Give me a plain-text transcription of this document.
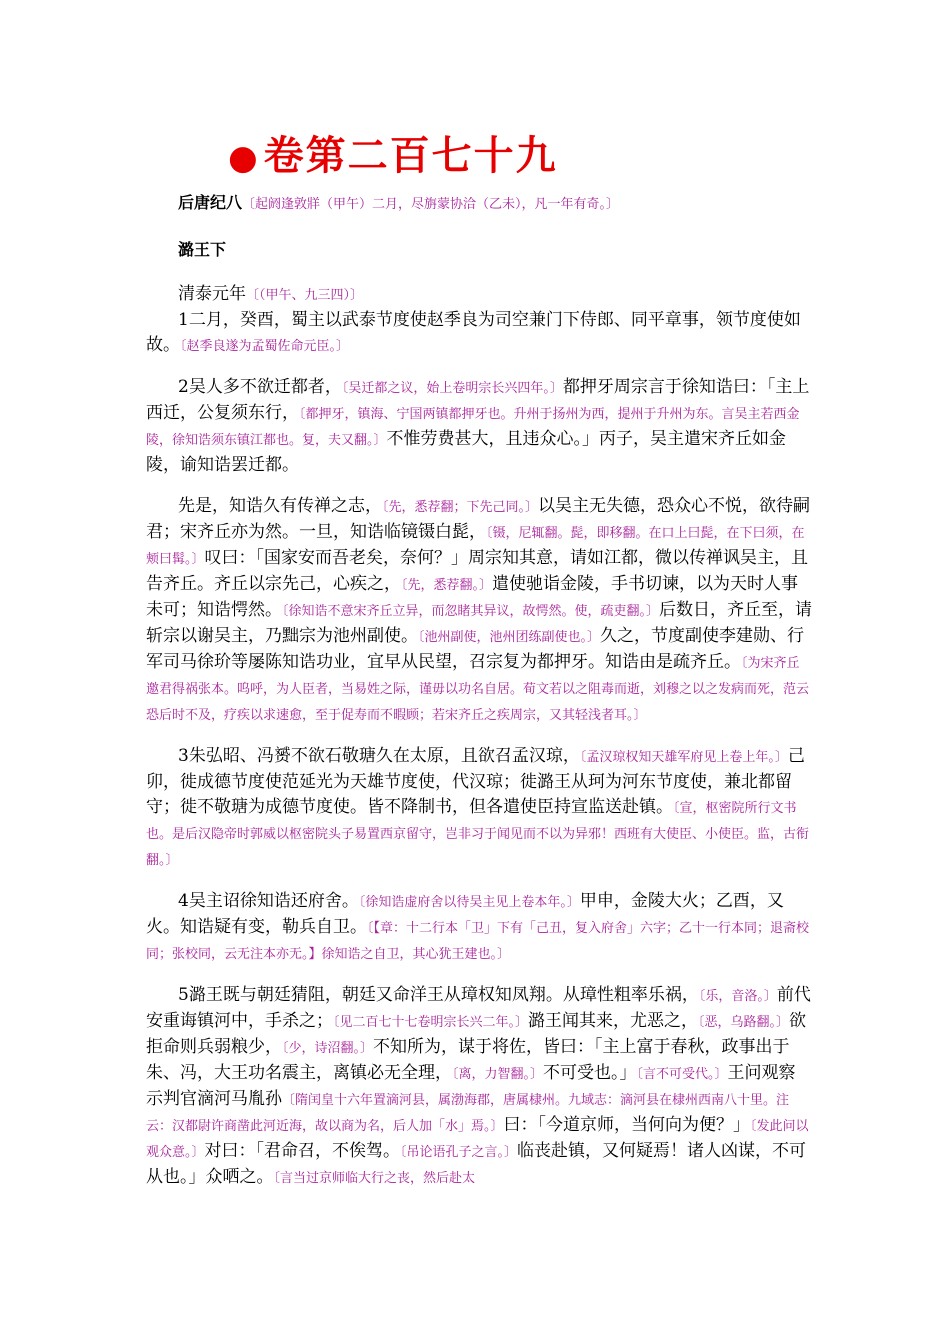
● 卷第二百七十九

后唐纪八〔起阏逢敦牂（甲午）二月，尽旃蒙协洽（乙未），凡一年有奇。〕

潞王下

清泰元年〔（甲午、九三四）〕

1二月，癸酉，蜀主以武泰节度使赵季良为司空兼门下侍郎、同平章事，领节度使如故。〔赵季良遂为孟蜀佐命元臣。〕

2吴人多不欲迁都者，〔吴迁都之议，始上卷明宗长兴四年。〕都押牙周宗言于徐知诰曰：「主上西迁，公复须东行，〔都押牙，镇海、宁国两镇都押牙也。升州于扬州为西，提州于升州为东。言吴主若西金陵，徐知诰须东镇江都也。复，夫又翻。〕不惟劳费甚大，且违众心。」丙子，吴主遣宋齐丘如金陵，谕知诰罢迁都。

先是，知诰久有传禅之志，〔先，悉荐翻；下先己同。〕以吴主无失德，恐众心不悦，欲待嗣君；宋齐丘亦为然。一旦，知诰临镜镊白髭，〔镊，尼辄翻。髭，即移翻。在口上曰髭，在下曰须，在颊曰髯。〕叹曰：「国家安而吾老矣，奈何？」周宗知其意，请如江都，微以传禅讽吴主，且告齐丘。齐丘以宗先己，心疾之，〔先，悉荐翻。〕遣使驰诣金陵，手书切谏，以为天时人事未可；知诰愕然。〔徐知诰不意宋齐丘立异，而忽睹其异议，故愕然。使，疏吏翻。〕后数日，齐丘至，请斩宗以谢吴主，乃黜宗为池州副使。〔池州副使，池州团练副使也。〕久之，节度副使李建勋、行军司马徐玠等屡陈知诰功业，宜早从民望，召宗复为都押牙。知诰由是疏齐丘。〔为宋齐丘邀君得祸张本。呜呼，为人臣者，当易姓之际，谨毋以功名自居。荀文若以之阻毒而逝，刘穆之以之发病而死，范云恐后时不及，疗疾以求速愈，至于促寿而不暇顾；若宋齐丘之疾周宗，又其轻浅者耳。〕

3朱弘昭、冯赟不欲石敬瑭久在太原，且欲召孟汉琼，〔孟汉琼权知天雄军府见上卷上年。〕己卯，徙成德节度使范延光为天雄节度使，代汉琼；徙潞王从珂为河东节度使，兼北都留守；徙不敬瑭为成德节度使。皆不降制书，但各遣使臣持宣监送赴镇。〔宣，枢密院所行文书也。是后汉隐帝时郭威以枢密院头子易置西京留守，岂非习于闻见而不以为异邪！西班有大使臣、小使臣。监，古衔翻。〕

4吴主诏徐知诰还府舍。〔徐知诰虚府舍以待吴主见上卷本年。〕甲申，金陵大火；乙酉，又火。知诰疑有变，勒兵自卫。〔【章：十二行本「卫」下有「己丑，复入府舍」六字；乙十一行本同；退斋校同；张校同，云无注本亦无。】徐知诰之自卫，其心犹王建也。〕

5潞王既与朝廷猜阻，朝廷又命洋王从璋权知凤翔。从璋性粗率乐祸，〔乐，音洛。〕前代安重诲镇河中，手杀之；〔见二百七十七卷明宗长兴二年。〕潞王闻其来，尤恶之，〔恶，乌路翻。〕欲拒命则兵弱粮少，〔少，诗沼翻。〕不知所为，谋于将佐，皆曰：「主上富于春秋，政事出于朱、冯，大王功名震主，离镇必无全理，〔离，力智翻。〕不可受也。」〔言不可受代。〕王问观察示判官滴河马胤孙〔隋闰皇十六年置滴河县，属渤海郡，唐属棣州。九域志：滴河县在棣州西南八十里。注云：汉都尉许商凿此河近海，故以商为名，后人加「水」焉。〕曰：「今道京师，当何向为便？」〔发此问以观众意。〕对曰：「君命召，不俟驾。〔吊论语孔子之言。〕临丧赴镇，又何疑焉！诸人凶谋，不可从也。」众哂之。〔言当过京师临大行之丧，然后赴太
